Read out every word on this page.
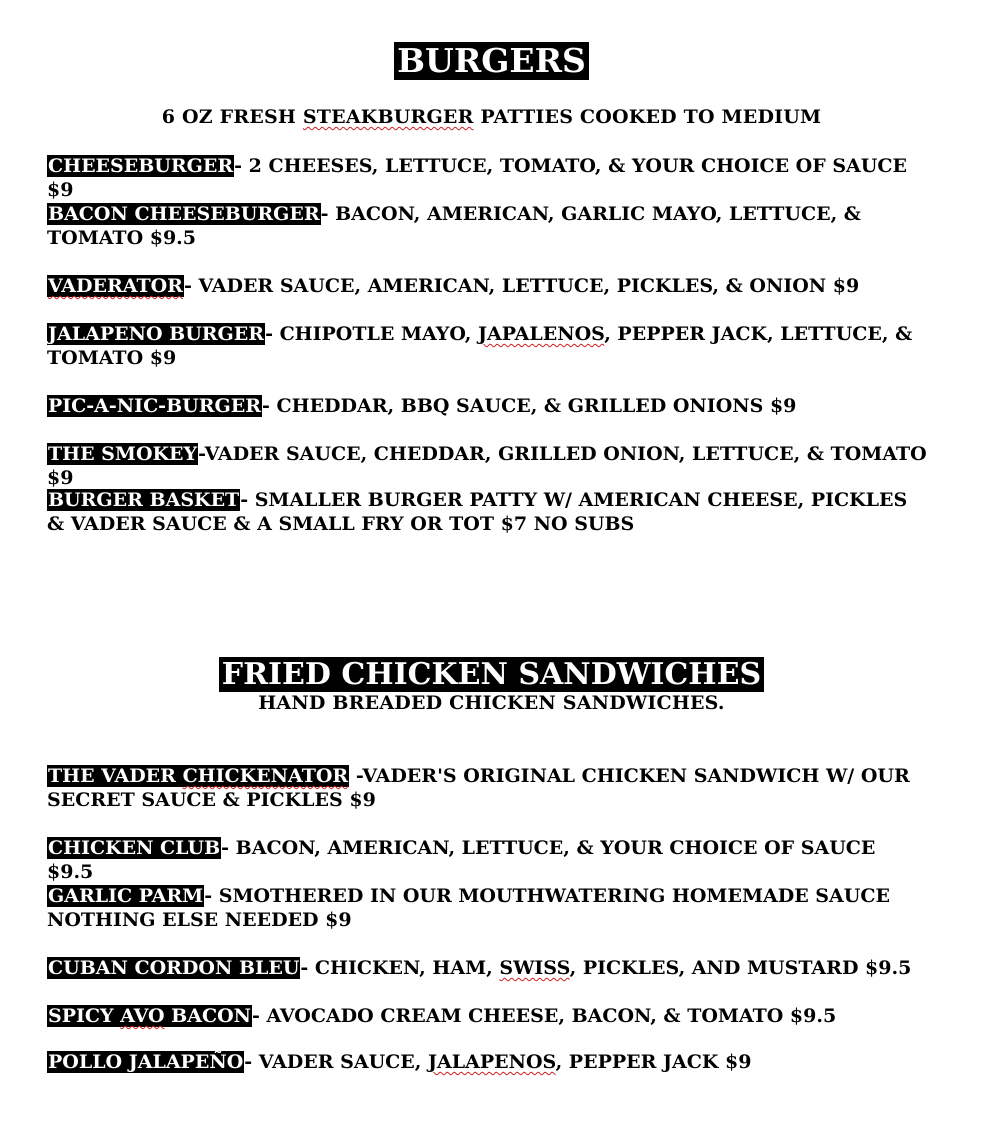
BURGERS
6 OZ FRESH STEAKBURGER PATTIES COOKED TO MEDIUM
CHEESEBURGER- 2 CHEESES, LETTUCE, TOMATO, & YOUR CHOICE OF SAUCE $9
BACON CHEESEBURGER- BACON, AMERICAN, GARLIC MAYO, LETTUCE, & TOMATO $9.5
VADERATOR- VADER SAUCE, AMERICAN, LETTUCE, PICKLES, & ONION $9
JALAPENO BURGER- CHIPOTLE MAYO, JAPALENOS, PEPPER JACK, LETTUCE, & TOMATO $9
PIC-A-NIC-BURGER- CHEDDAR, BBQ SAUCE, & GRILLED ONIONS $9
THE SMOKEY-VADER SAUCE, CHEDDAR, GRILLED ONION, LETTUCE, & TOMATO $9
BURGER BASKET- SMALLER BURGER PATTY W/ AMERICAN CHEESE, PICKLES & VADER SAUCE & A SMALL FRY OR TOT $7 NO SUBS
FRIED CHICKEN SANDWICHES
HAND BREADED CHICKEN SANDWICHES.
THE VADER CHICKENATOR -VADER'S ORIGINAL CHICKEN SANDWICH W/ OUR SECRET SAUCE & PICKLES $9
CHICKEN CLUB- BACON, AMERICAN, LETTUCE, & YOUR CHOICE OF SAUCE $9.5
GARLIC PARM- SMOTHERED IN OUR MOUTHWATERING HOMEMADE SAUCE NOTHING ELSE NEEDED $9
CUBAN CORDON BLEU- CHICKEN, HAM, SWISS, PICKLES, AND MUSTARD $9.5
SPICY AVO BACON- AVOCADO CREAM CHEESE, BACON, & TOMATO $9.5
POLLO JALAPEÑO- VADER SAUCE, JALAPENOS, PEPPER JACK $9
